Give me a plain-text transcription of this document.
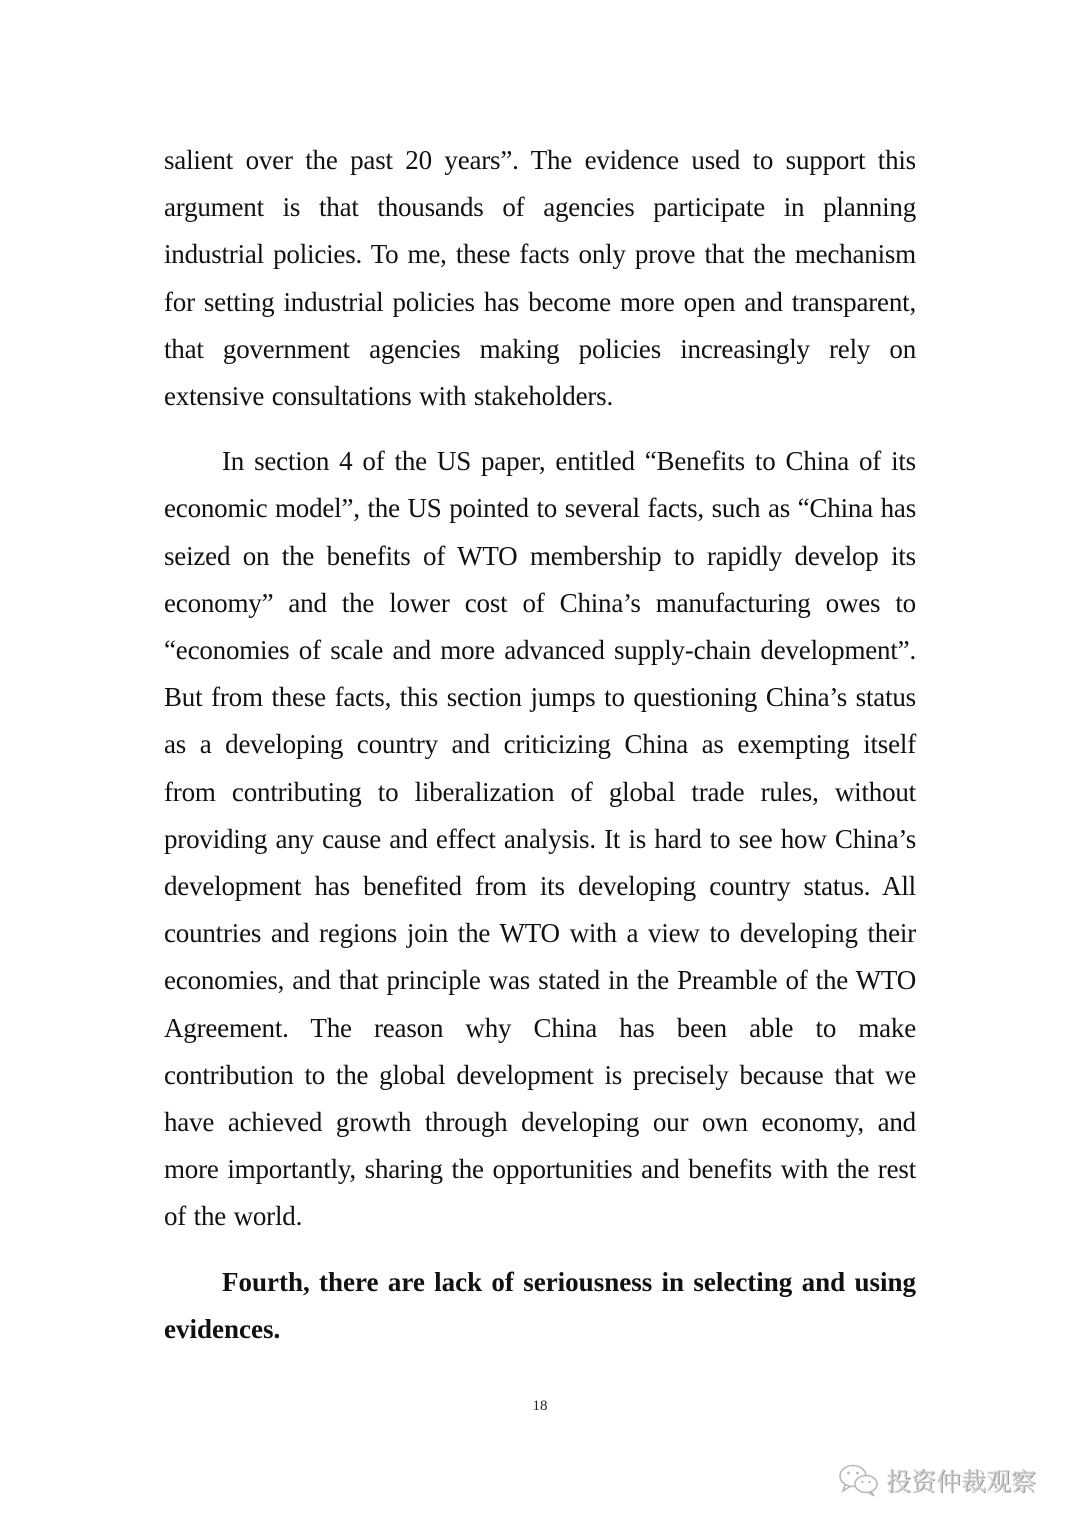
salient over the past 20 years”. The evidence used to support this argument is that thousands of agencies participate in planning industrial policies. To me, these facts only prove that the mechanism for setting industrial policies has become more open and transparent, that government agencies making policies increasingly rely on extensive consultations with stakeholders.

In section 4 of the US paper, entitled “Benefits to China of its economic model”, the US pointed to several facts, such as “China has seized on the benefits of WTO membership to rapidly develop its economy” and the lower cost of China’s manufacturing owes to “economies of scale and more advanced supply-chain development”. But from these facts, this section jumps to questioning China’s status as a developing country and criticizing China as exempting itself from contributing to liberalization of global trade rules, without providing any cause and effect analysis. It is hard to see how China’s development has benefited from its developing country status. All countries and regions join the WTO with a view to developing their economies, and that principle was stated in the Preamble of the WTO Agreement. The reason why China has been able to make contribution to the global development is precisely because that we have achieved growth through developing our own economy, and more importantly, sharing the opportunities and benefits with the rest of the world.

Fourth, there are lack of seriousness in selecting and using evidences.

18
投资仲裁观察
